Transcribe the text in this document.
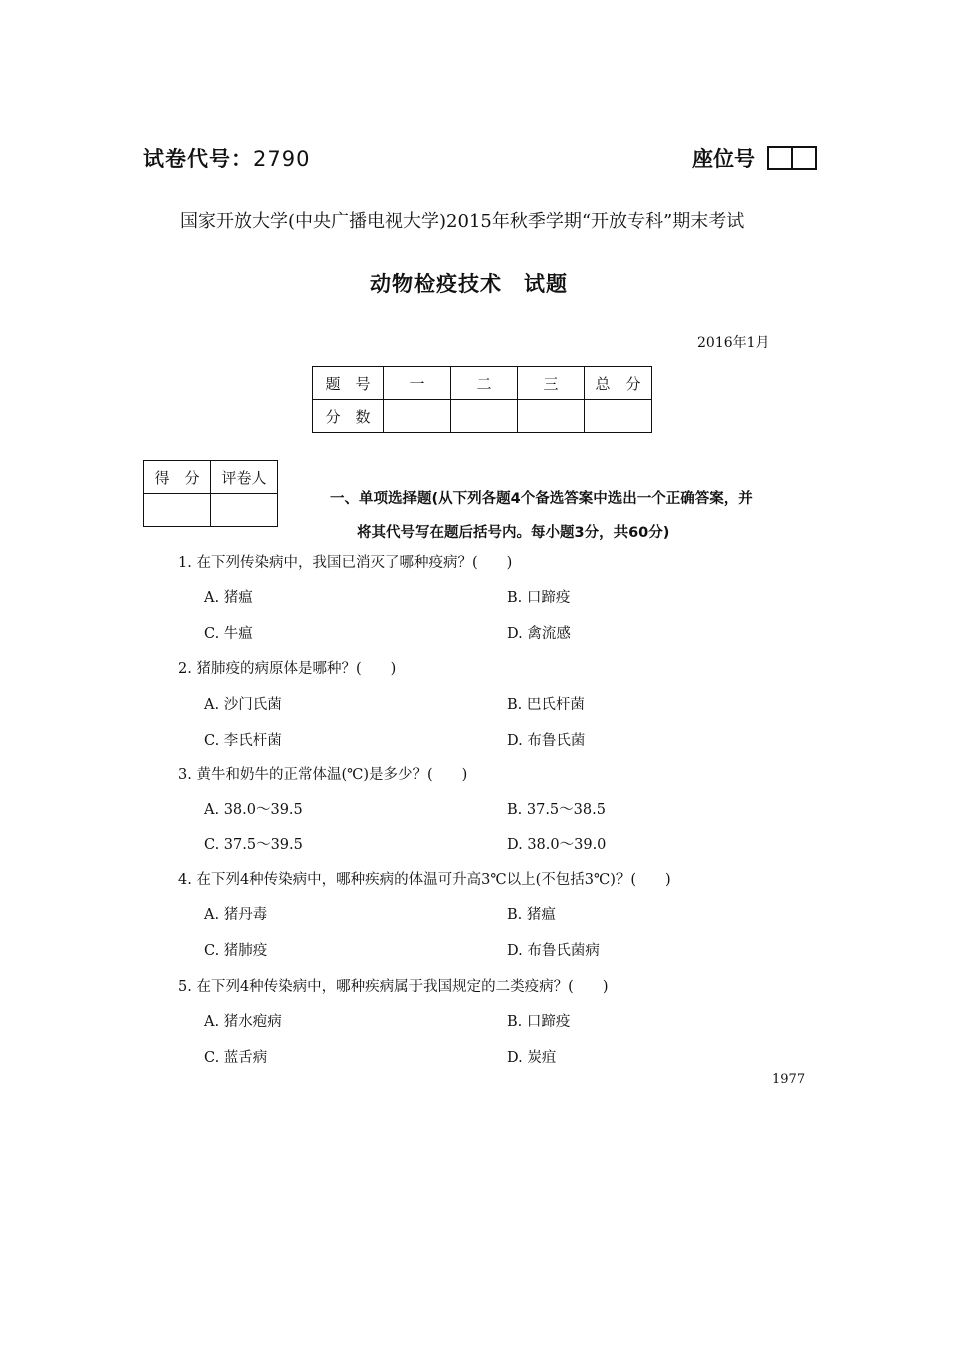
试卷代号：2790	座位号
国家开放大学(中央广播电视大学)2015年秋季学期“开放专科”期末考试
动物检疫技术　试题
2016年1月
题　号	一	二	三	总　分
分　数				
得　分	评卷人

一、单项选择题(从下列各题4个备选答案中选出一个正确答案，并
将其代号写在题后括号内。每小题3分，共60分)
1. 在下列传染病中，我国已消灭了哪种疫病？(　　)
A. 猪瘟	B. 口蹄疫
C. 牛瘟	D. 禽流感
2. 猪肺疫的病原体是哪种？(　　)
A. 沙门氏菌	B. 巴氏杆菌
C. 李氏杆菌	D. 布鲁氏菌
3. 黄牛和奶牛的正常体温(℃)是多少？(　　)
A. 38.0～39.5	B. 37.5～38.5
C. 37.5～39.5	D. 38.0～39.0
4. 在下列4种传染病中，哪种疾病的体温可升高3℃以上(不包括3℃)？(　　)
A. 猪丹毒	B. 猪瘟
C. 猪肺疫	D. 布鲁氏菌病
5. 在下列4种传染病中，哪种疾病属于我国规定的二类疫病？(　　)
A. 猪水疱病	B. 口蹄疫
C. 蓝舌病	D. 炭疽
1977
